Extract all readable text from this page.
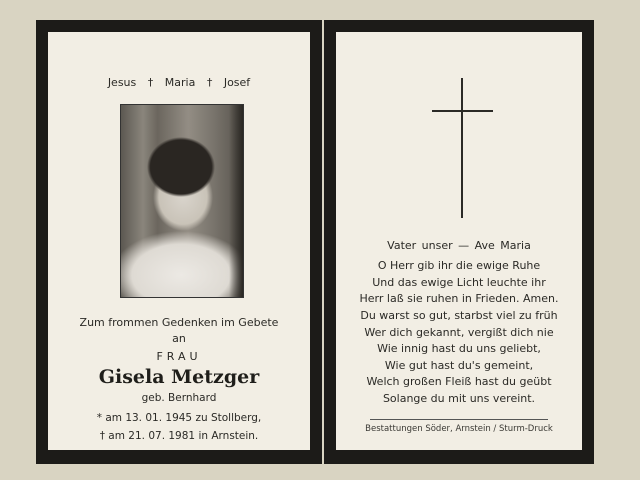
Jesus † Maria † Josef
Zum frommen Gedenken im Gebete
an
FRAU
Gisela Metzger
geb. Bernhard
* am 13. 01. 1945 zu Stollberg,
† am 21. 07. 1981 in Arnstein.
Vater unser — Ave Maria
O Herr gib ihr die ewige Ruhe
Und das ewige Licht leuchte ihr
Herr laß sie ruhen in Frieden. Amen.
Du warst so gut, starbst viel zu früh
Wer dich gekannt, vergißt dich nie
Wie innig hast du uns geliebt,
Wie gut hast du's gemeint,
Welch großen Fleiß hast du geübt
Solange du mit uns vereint.
Bestattungen Söder, Arnstein / Sturm-Druck
